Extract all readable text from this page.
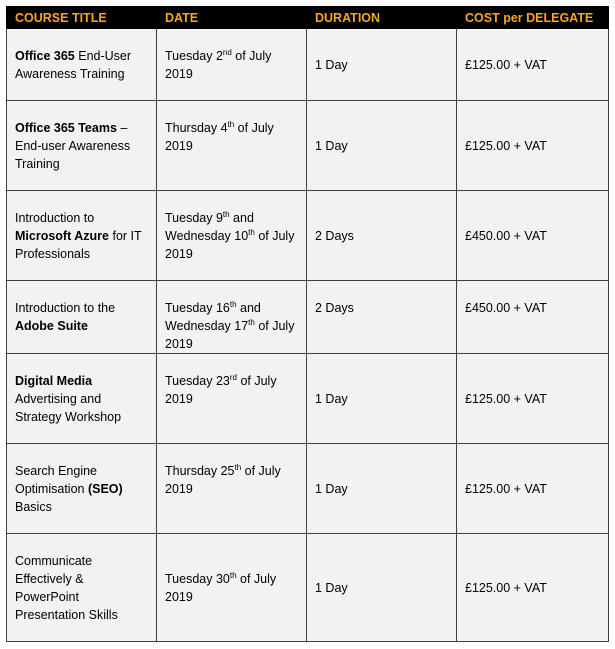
COURSE TITLE	DATE	DURATION	COST per DELEGATE
Office 365 End-User Awareness Training	Tuesday 2nd of July 2019	1 Day	£125.00 + VAT
Office 365 Teams – End-user Awareness Training	Thursday 4th of July 2019	1 Day	£125.00 + VAT
Introduction to Microsoft Azure for IT Professionals	Tuesday 9th and Wednesday 10th of July 2019	2 Days	£450.00 + VAT
Introduction to the Adobe Suite	Tuesday 16th and Wednesday 17th of July 2019	2 Days	£450.00 + VAT
Digital Media Advertising and Strategy Workshop	Tuesday 23rd of July 2019	1 Day	£125.00 + VAT
Search Engine Optimisation (SEO) Basics	Thursday 25th of July 2019	1 Day	£125.00 + VAT
Communicate Effectively & PowerPoint Presentation Skills	Tuesday 30th of July 2019	1 Day	£125.00 + VAT
